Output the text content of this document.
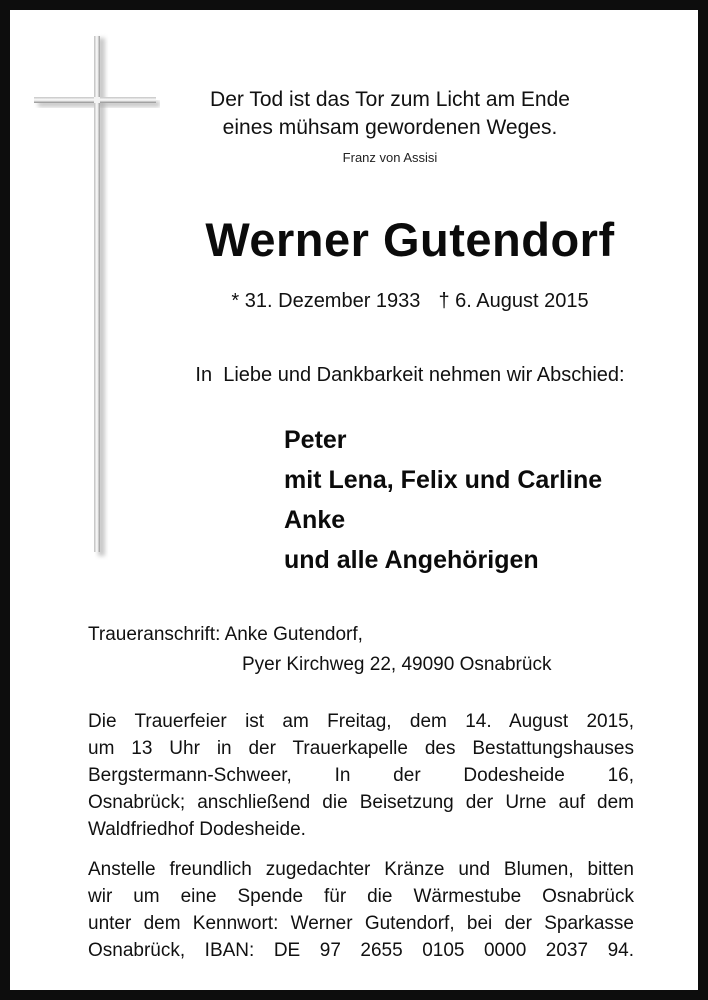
Der Tod ist das Tor zum Licht am Ende
eines mühsam gewordenen Weges.
Franz von Assisi
Werner Gutendorf
* 31. Dezember 1933 † 6. August 2015
In  Liebe und Dankbarkeit nehmen wir Abschied:
Peter
mit Lena, Felix und Carline
Anke
und alle Angehörigen
Traueranschrift: Anke Gutendorf,
Pyer Kirchweg 22, 49090 Osnabrück
Die Trauerfeier ist am Freitag, dem 14. August 2015,
um 13 Uhr in der Trauerkapelle des Bestattungshauses
Bergstermann-Schweer, In der Dodesheide 16,
Osnabrück; anschließend die Beisetzung der Urne auf dem
Waldfriedhof Dodesheide.
Anstelle freundlich zugedachter Kränze und Blumen, bitten
wir um eine Spende für die Wärmestube Osnabrück
unter dem Kennwort: Werner Gutendorf, bei der Sparkasse
Osnabrück, IBAN: DE 97 2655 0105 0000 2037 94.
